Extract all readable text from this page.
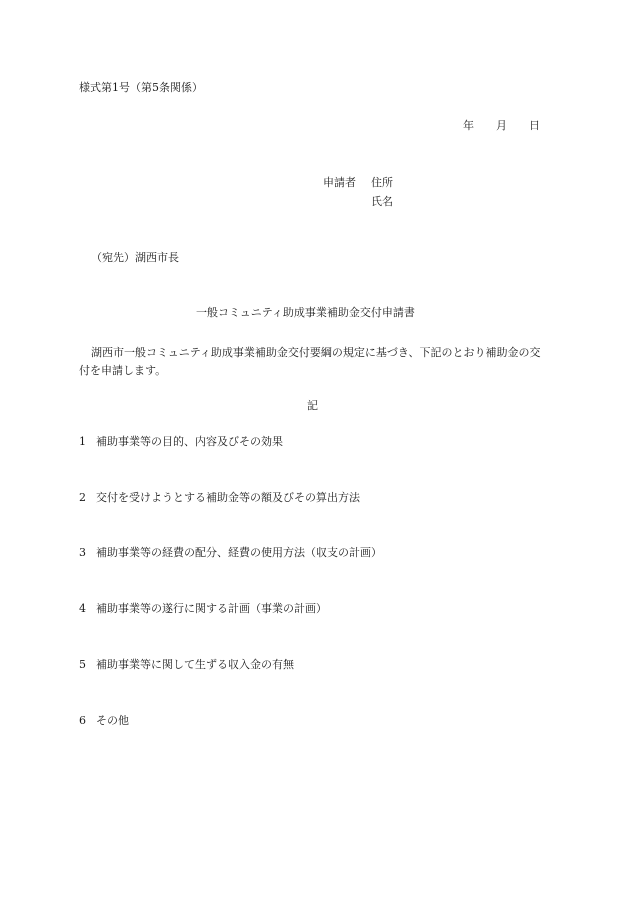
様式第1号（第5条関係）
年 月 日
申請者 住所
氏名
（宛先）湖西市長
一般コミュニティ助成事業補助金交付申請書
湖西市一般コミュニティ助成事業補助金交付要綱の規定に基づき、下記のとおり補助金の交付を申請します。
記
1 補助事業等の目的、内容及びその効果
2 交付を受けようとする補助金等の額及びその算出方法
3 補助事業等の経費の配分、経費の使用方法（収支の計画）
4 補助事業等の遂行に関する計画（事業の計画）
5 補助事業等に関して生ずる収入金の有無
6 その他
